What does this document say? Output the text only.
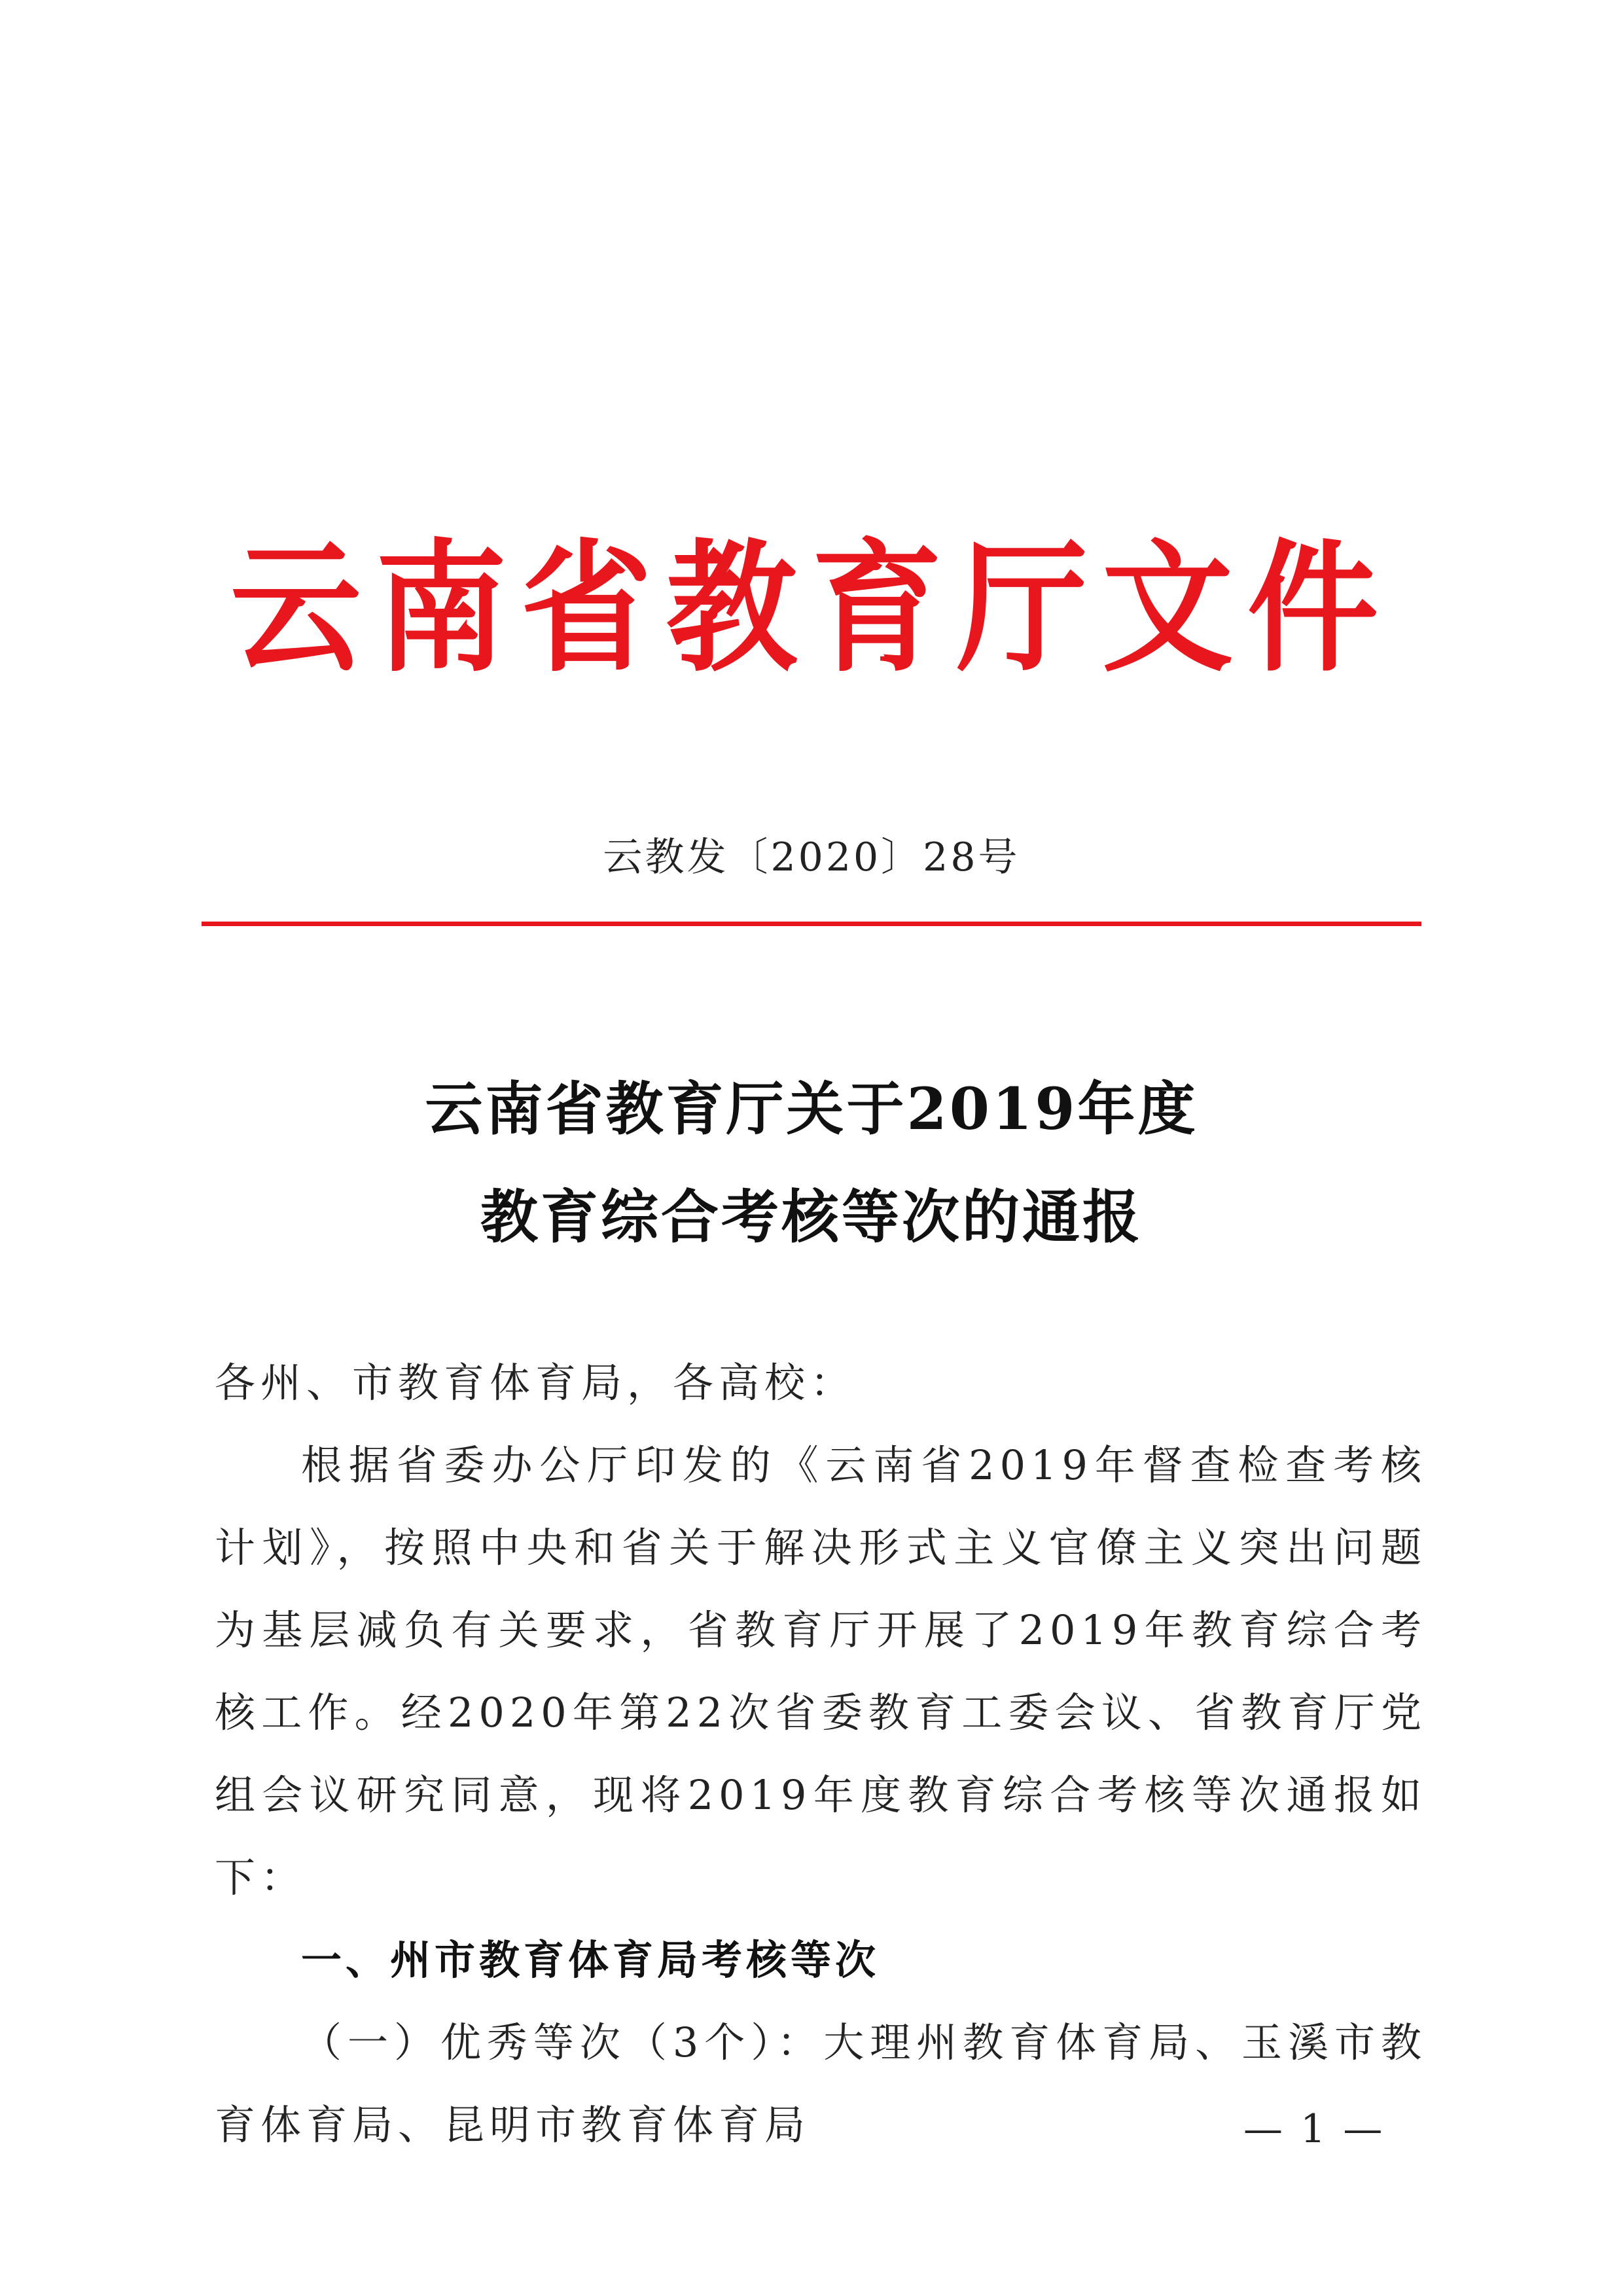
云南省教育厅文件
云教发〔2020〕28号
云南省教育厅关于2019年度
教育综合考核等次的通报

各州、市教育体育局，各高校：

根据省委办公厅印发的《云南省2019年督查检查考核计划》，按照中央和省关于解决形式主义官僚主义突出问题为基层减负有关要求，省教育厅开展了2019年教育综合考核工作。经2020年第22次省委教育工委会议、省教育厅党组会议研究同意，现将2019年度教育综合考核等次通报如下：

一、州市教育体育局考核等次

（一）优秀等次（3个）：大理州教育体育局、玉溪市教育体育局、昆明市教育体育局	— 1 —
